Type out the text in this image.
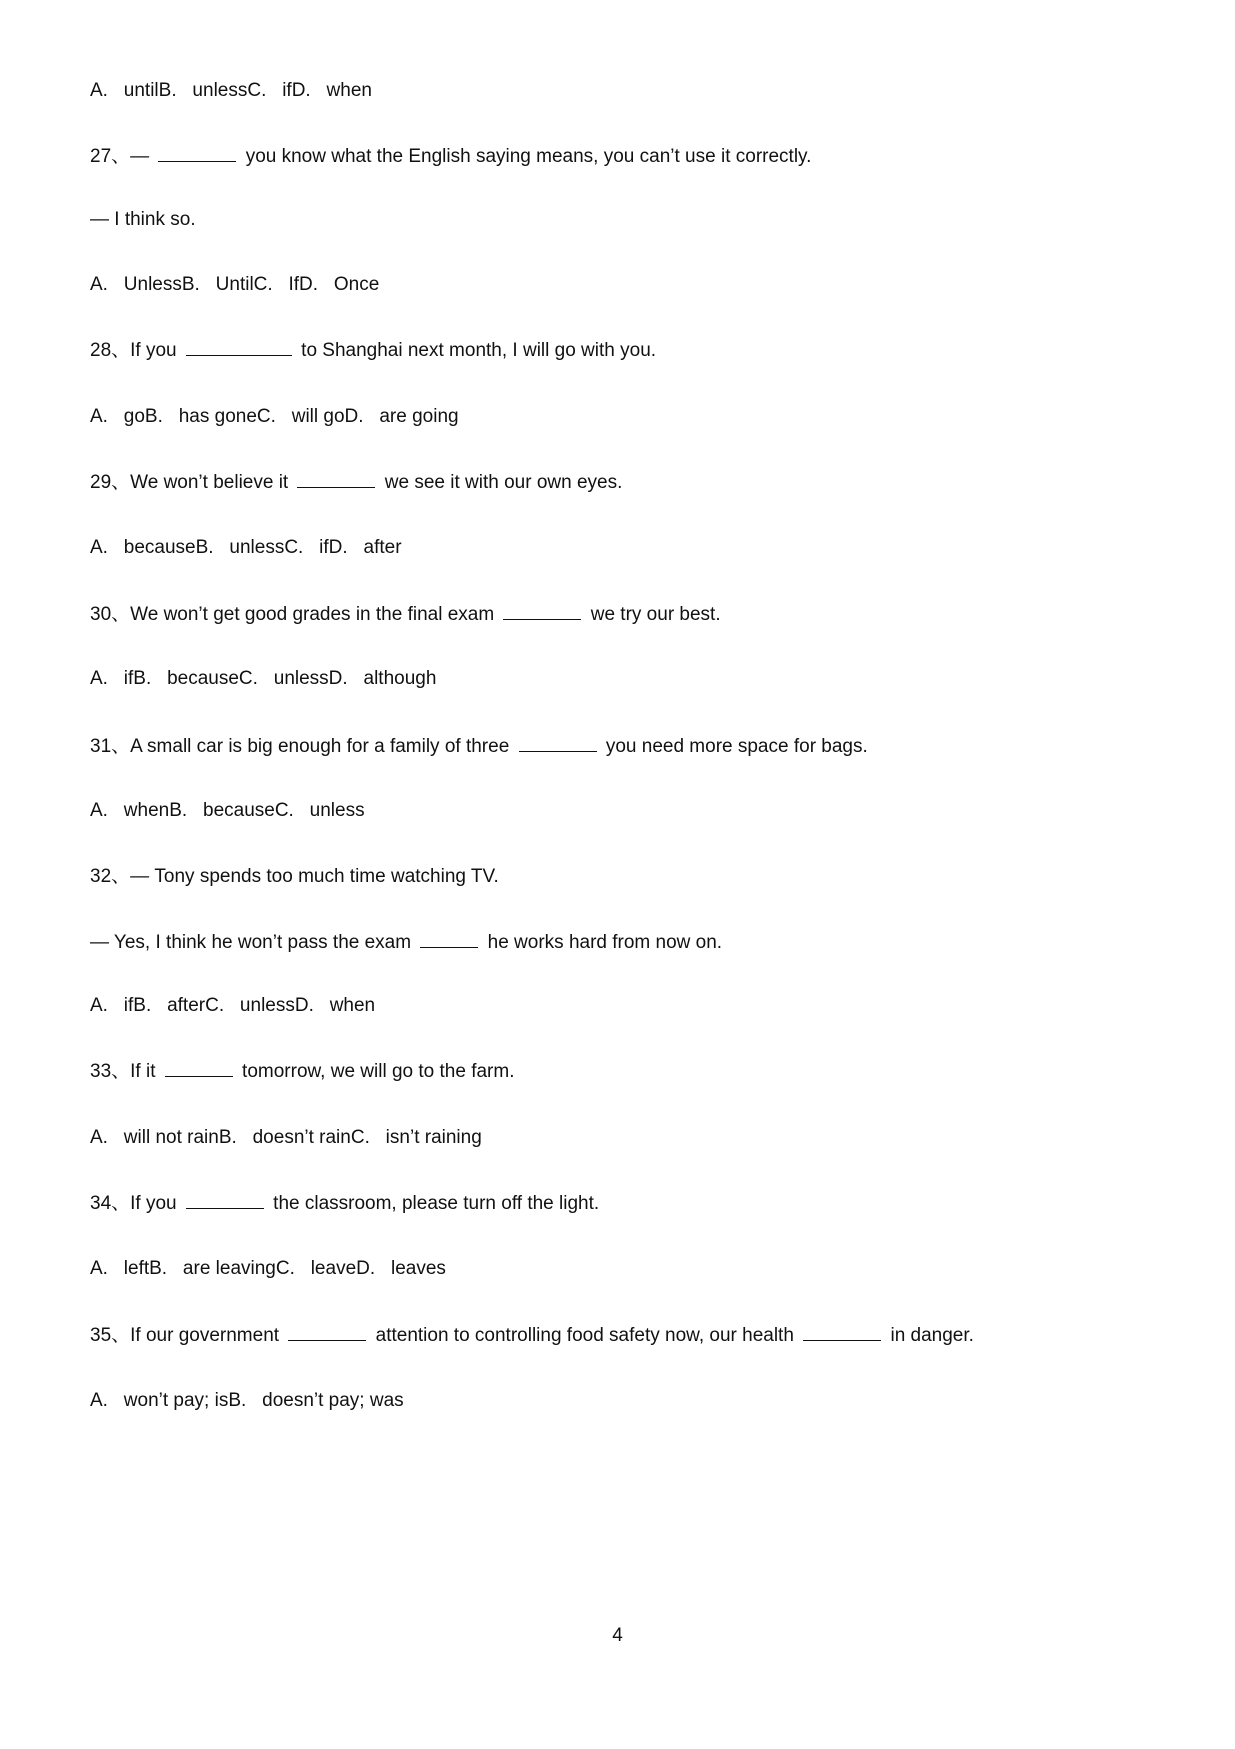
A.   untilB.   unlessC.   ifD.   when
27、—	you know what the English saying means, you can’t use it correctly.
— I think so.
A.   UnlessB.   UntilC.   IfD.   Once
28、If you	to Shanghai next month, I will go with you.
A.   goB.   has goneC.   will goD.   are going
29、We won’t believe it	we see it with our own eyes.
A.   becauseB.   unlessC.   ifD.   after
30、We won’t get good grades in the final exam	we try our best.
A.   ifB.   becauseC.   unlessD.   although
31、A small car is big enough for a family of three	you need more space for bags.
A.   whenB.   becauseC.   unless
32、— Tony spends too much time watching TV.
— Yes, I think he won’t pass the exam	he works hard from now on.
A.   ifB.   afterC.   unlessD.   when
33、If it	tomorrow, we will go to the farm.
A.   will not rainB.   doesn’t rainC.   isn’t raining
34、If you	the classroom, please turn off the light.
A.   leftB.   are leavingC.   leaveD.   leaves
35、If our government	attention to controlling food safety now, our health	in danger.
A.   won’t pay; isB.   doesn’t pay; was
4
